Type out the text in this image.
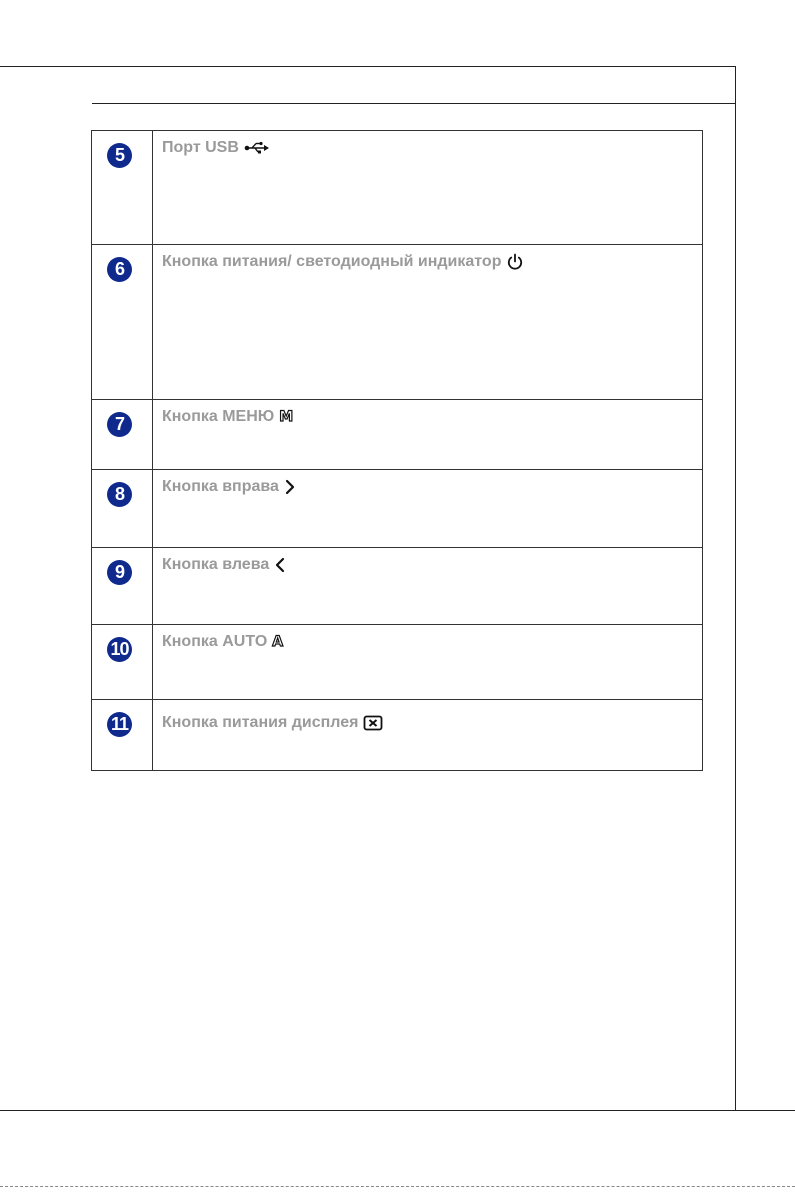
5	Порт USB
6	Кнопка питания/ светодиодный индикатор
7	Кнопка МЕНЮ M
8	Кнопка вправа
9	Кнопка влева
10 Кнопка AUTO A
11 Кнопка питания дисплея
